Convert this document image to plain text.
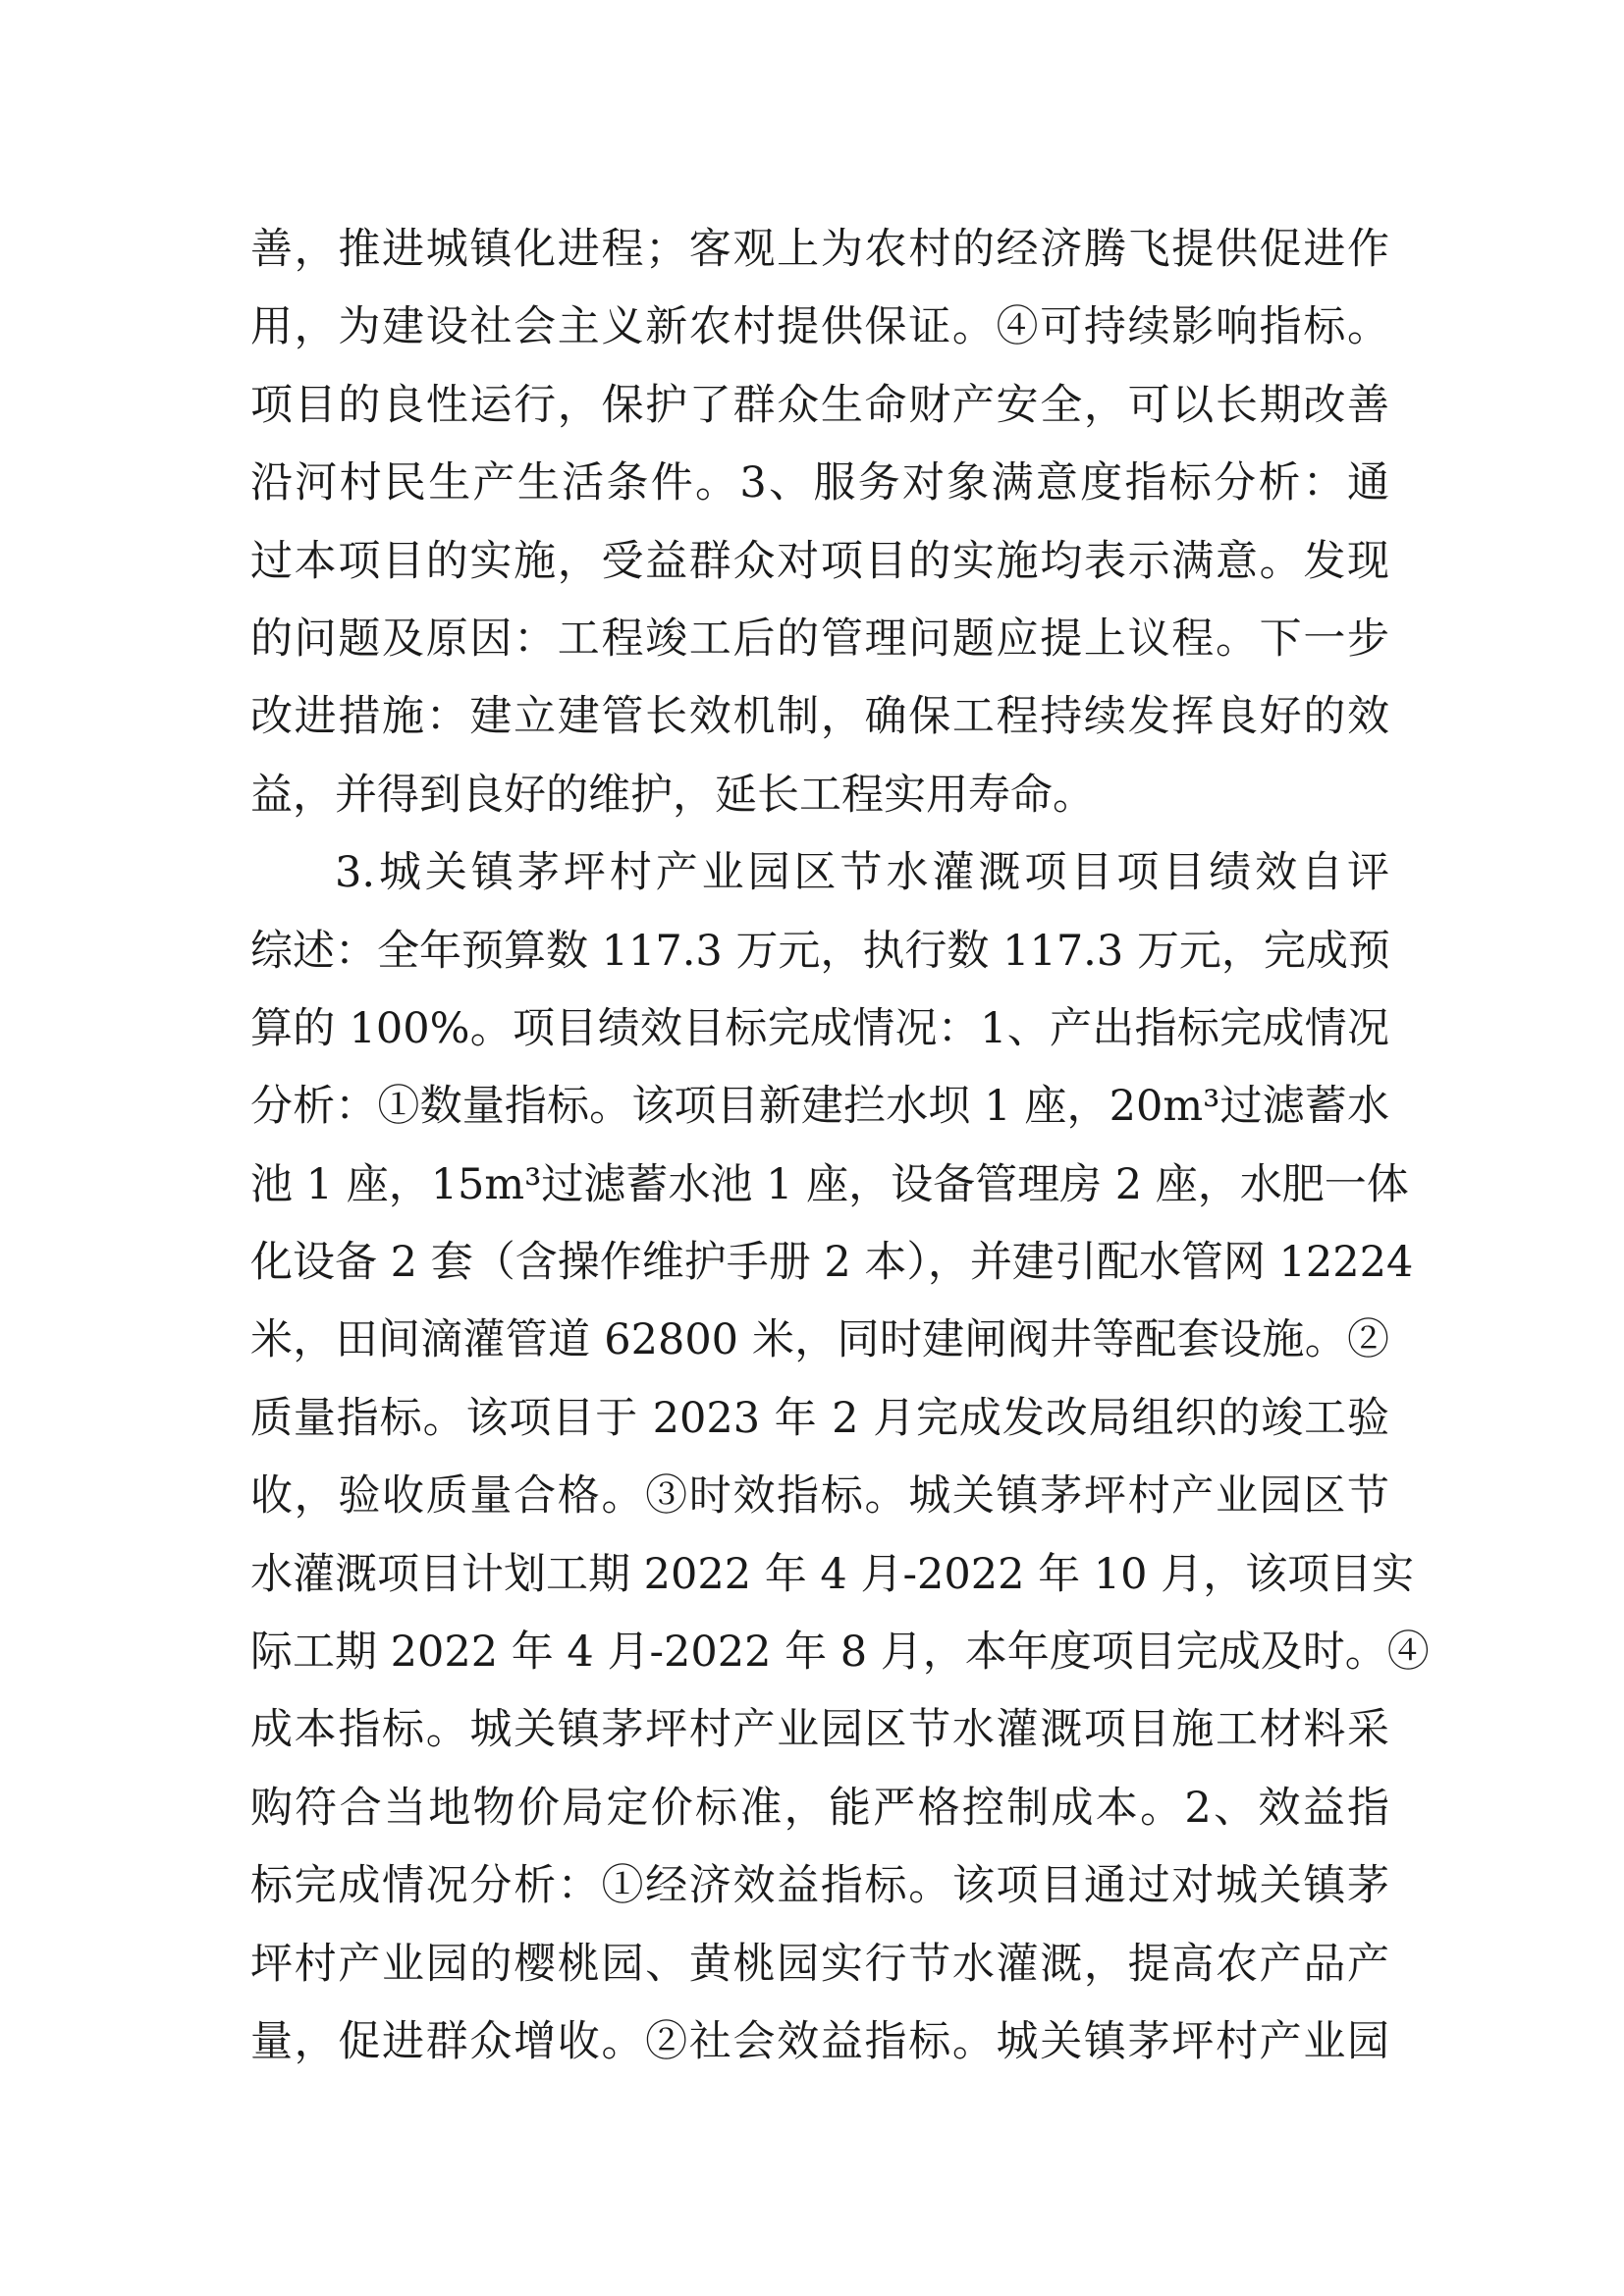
善，推进城镇化进程；客观上为农村的经济腾飞提供促进作
用，为建设社会主义新农村提供保证。④可持续影响指标。
项目的良性运行，保护了群众生命财产安全，可以长期改善
沿河村民生产生活条件。3、服务对象满意度指标分析：通
过本项目的实施，受益群众对项目的实施均表示满意。发现
的问题及原因：工程竣工后的管理问题应提上议程。下一步
改进措施：建立建管长效机制，确保工程持续发挥良好的效
益，并得到良好的维护，延长工程实用寿命。
3.城关镇茅坪村产业园区节水灌溉项目项目绩效自评
综述：全年预算数 117.3 万元，执行数 117.3 万元，完成预
算的 100%。项目绩效目标完成情况：1、产出指标完成情况
分析：①数量指标。该项目新建拦水坝 1 座，20m³过滤蓄水
池 1 座，15m³过滤蓄水池 1 座，设备管理房 2 座，水肥一体
化设备 2 套（含操作维护手册 2 本），并建引配水管网 12224
米，田间滴灌管道 62800 米，同时建闸阀井等配套设施。②
质量指标。该项目于 2023 年 2 月完成发改局组织的竣工验
收，验收质量合格。③时效指标。城关镇茅坪村产业园区节
水灌溉项目计划工期 2022 年 4 月-2022 年 10 月，该项目实
际工期 2022 年 4 月-2022 年 8 月，本年度项目完成及时。④
成本指标。城关镇茅坪村产业园区节水灌溉项目施工材料采
购符合当地物价局定价标准，能严格控制成本。2、效益指
标完成情况分析：①经济效益指标。该项目通过对城关镇茅
坪村产业园的樱桃园、黄桃园实行节水灌溉，提高农产品产
量，促进群众增收。②社会效益指标。城关镇茅坪村产业园
